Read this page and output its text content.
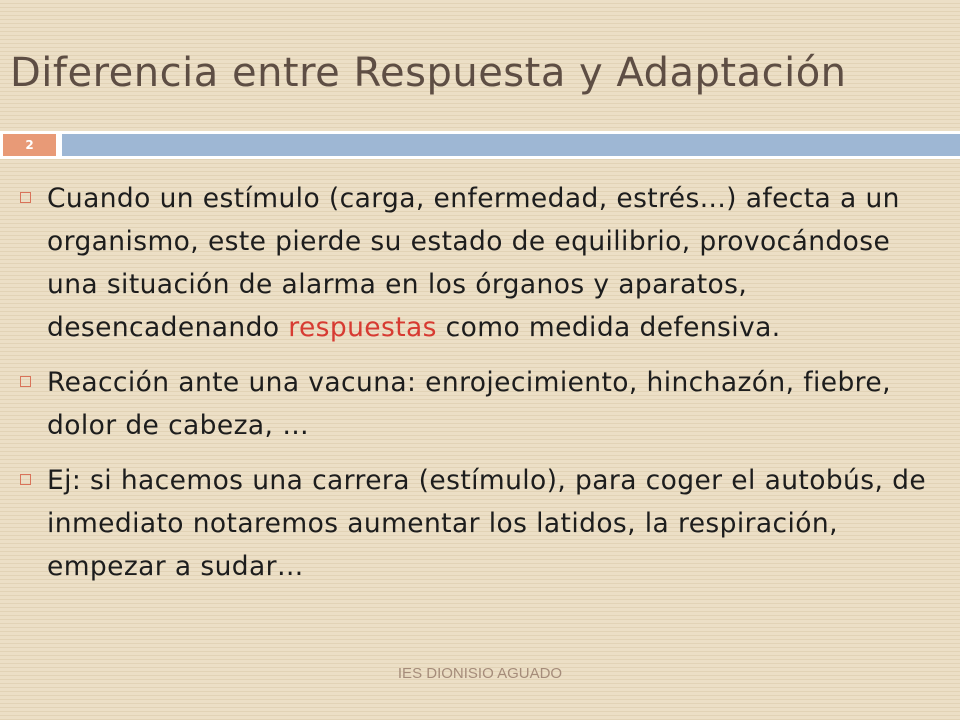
Diferencia entre Respuesta y Adaptación
2
Cuando un estímulo (carga, enfermedad, estrés...) afecta a un organismo, este pierde su estado de equilibrio, provocándose una situación de alarma en los órganos y aparatos, desencadenando respuestas como medida defensiva.
Reacción ante una vacuna: enrojecimiento, hinchazón, fiebre, dolor de cabeza, …
Ej: si hacemos una carrera (estímulo), para coger el autobús, de inmediato notaremos aumentar los latidos, la respiración, empezar a sudar…
IES DIONISIO AGUADO
